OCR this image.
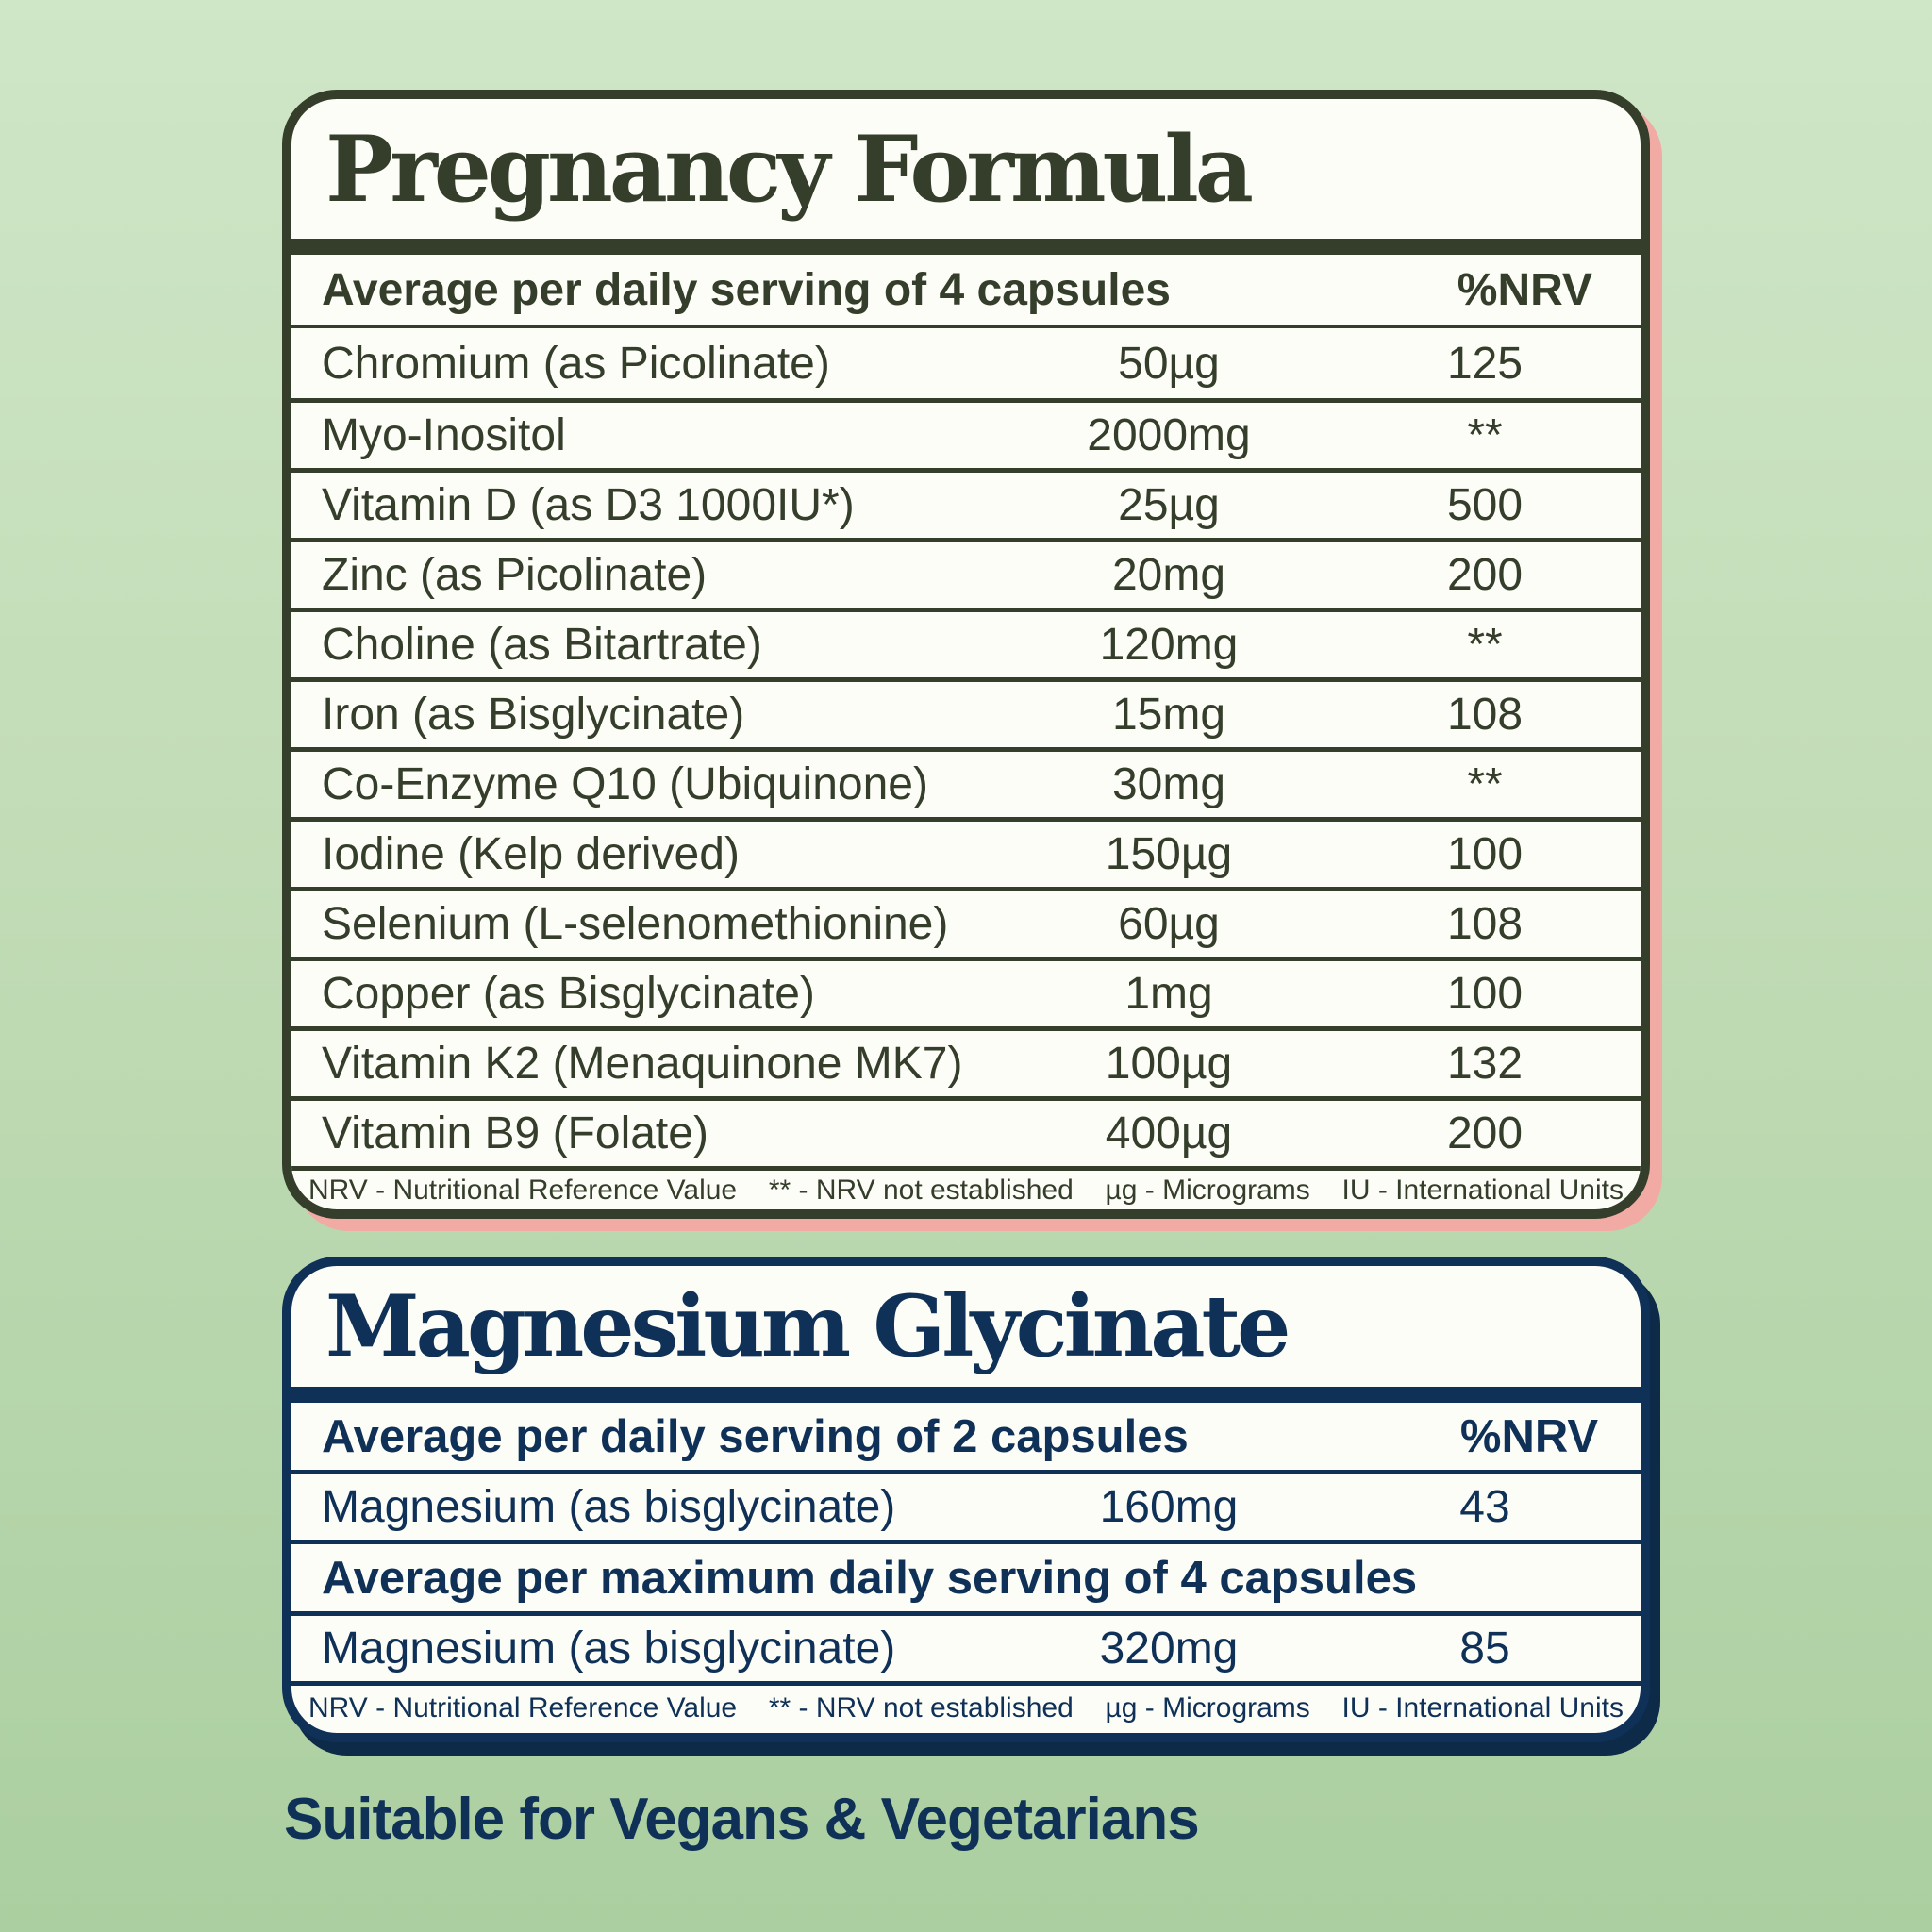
Pregnancy Formula
Average per daily serving of 4 capsules	%NRV
Chromium (as Picolinate)	50µg	125
Myo-Inositol	2000mg	**
Vitamin D (as D3 1000IU*)	25µg	500
Zinc (as Picolinate)	20mg	200
Choline (as Bitartrate)	120mg	**
Iron (as Bisglycinate)	15mg	108
Co-Enzyme Q10 (Ubiquinone)	30mg	**
Iodine (Kelp derived)	150µg	100
Selenium (L-selenomethionine)	60µg	108
Copper (as Bisglycinate)	1mg	100
Vitamin K2 (Menaquinone MK7)	100µg	132
Vitamin B9 (Folate)	400µg	200
NRV - Nutritional Reference Value ** - NRV not established µg - Micrograms IU - International Units
Magnesium Glycinate
Average per daily serving of 2 capsules	%NRV
Magnesium (as bisglycinate)	160mg	43
Average per maximum daily serving of 4 capsules
Magnesium (as bisglycinate)	320mg	85
NRV - Nutritional Reference Value ** - NRV not established µg - Micrograms IU - International Units
Suitable for Vegans & Vegetarians
